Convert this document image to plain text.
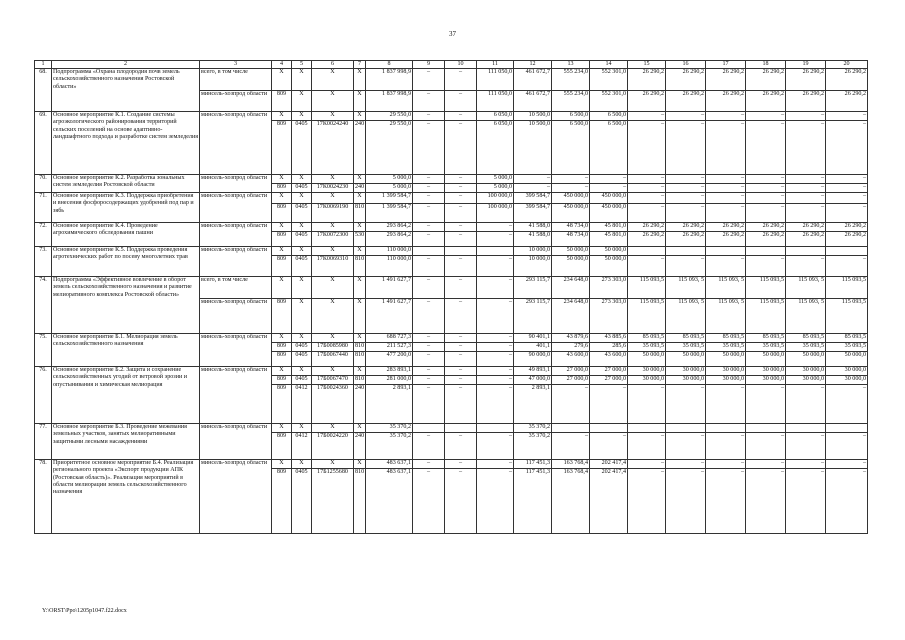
37
1	2	3	4	5	6	7	8	9	10	11	12	13	14	15	16	17	18	19	20
68.	Подпрограмма «Охрана плодородия почв земель сельскохозяйственного назначения Ростовской области»	всего, в том числе	Х	Х	Х	Х	1 837 998,9	–	–	111 050,0	461 672,7	555 234,0	552 301,0	26 290,2	26 290,2	26 290,2	26 290,2	26 290,2	26 290,2
		минсель-хозпрод области	809	Х	Х	Х	1 837 998,9	–	–	111 050,0	461 672,7	555 234,0	552 301,0	26 290,2	26 290,2	26 290,2	26 290,2	26 290,2	26 290,2
69.	Основное мероприятие К.1. Создание системы агроэкологического районирования территорий сельских поселений на основе адаптивно-ландшафтного подхода и разработке систем земледелия	минсель-хозпрод области	Х	Х	Х	Х	29 550,0	–	–	6 050,0	10 500,0	6 500,0	6 500,0	–	–	–	–	–	–
			809	0405	17К0024240	240	29 550,0	–	–	6 050,0	10 500,0	6 500,0	6 500,0	–	–	–	–	–	–
70.	Основное мероприятие К.2. Разработка зональных систем земледелия Ростовской области	минсель-хозпрод области	Х	Х	Х	Х	5 000,0	–	–	5 000,0	–	–	–	–	–	–	–	–	–
			809	0405	17К0024230	240	5 000,0	–	–	5 000,0	–	–	–	–	–	–	–	–	–
71.	Основное мероприятие К.3. Поддержка приобретения и внесения фосфоросодержащих удобрений под пар и зябь	минсель-хозпрод области	Х	Х	Х	Х	1 399 584,7	–	–	100 000,0	399 584,7	450 000,0	450 000,0	–	–	–	–	–	–
			809	0405	17К0069190	810	1 399 584,7	–	–	100 000,0	399 584,7	450 000,0	450 000,0	–	–	–	–	–	–
72.	Основное мероприятие К.4. Проведение агрохимического обследования пашни	минсель-хозпрод области	Х	Х	Х	Х	293 864,2	–	–	–	41 588,0	48 734,0	45 801,0	26 290,2	26 290,2	26 290,2	26 290,2	26 290,2	26 290,2
			809	0405	17К0072300	530	293 864,2	–	–	–	41 588,0	48 734,0	45 801,0	26 290,2	26 290,2	26 290,2	26 290,2	26 290,2	26 290,2
73.	Основное мероприятие К.5. Поддержка проведения агротехнических работ по посеву многолетних трав	минсель-хозпрод области	Х	Х	Х	Х	110 000,0				10 000,0	50 000,0	50 000,0						
			809	0405	17К0069310	810	110 000,0	–	–	–	10 000,0	50 000,0	50 000,0	–	–	–	–	–	–
74.	Подпрограмма «Эффективное вовлечение в оборот земель сельскохозяйственного назначения и развитие мелиоративного комплекса Ростовской области»	всего, в том числе	Х	Х	Х	Х	1 491 627,7	–	–	–	293 115,7	234 648,0	273 303,0	115 093,5	115 093, 5	115 093, 5	115 093,5	115 093, 5	115 093,5
		минсель-хозпрод области	809	Х	Х	Х	1 491 627,7	–	–	–	293 115,7	234 648,0	273 303,0	115 093,5	115 093, 5	115 093, 5	115 093,5	115 093, 5	115 093,5
75.	Основное мероприятие Б.1. Мелиорация земель сельскохозяйственного назначения	минсель-хозпрод области	Х	Х	Х	Х	688 727,3	–	–	–	90 401,1	43 879,6	43 885,6	85 093,5	85 093,5	85 093,5	85 093,5	85 093,5	85 093,5
			809	0405	17Б0085980	810	211 527,3	–	–	–	401,1	279,6	285,6	35 093,5	35 093,5	35 093,5	35 093,5	35 093,5	35 093,5
			809	0405	17Б0067440	810	477 200,0	–	–	–	90 000,0	43 600,0	43 600,0	50 000,0	50 000,0	50 000,0	50 000,0	50 000,0	50 000,0
76.	Основное мероприятие Б.2. Защита и сохранение сельскохозяйственных угодий от ветровой эрозии и опустынивания и химическая мелиорация	минсель-хозпрод области	Х	Х	Х	Х	283 893,1	–	–	–	49 893,1	27 000,0	27 000,0	30 000,0	30 000,0	30 000,0	30 000,0	30 000,0	30 000,0
			809	0405	17Б0067470	810	281 000,0	–	–	–	47 000,0	27 000,0	27 000,0	30 000,0	30 000,0	30 000,0	30 000,0	30 000,0	30 000,0
			809	0412	17Б0024360	240	2 893,1	–	–	–	2 893,1	–	–	–	–	–	–	–	–
77.	Основное мероприятие Б.3. Проведение межевания земельных участков, занятых мелиоративными защитными лесными насаждениями	минсель-хозпрод области	Х	Х	Х	Х	35 370,2				35 370,2								
			809	0412	17Б0024220	240	35 370,2	–	–	–	35 370,2	–	–	–	–	–	–	–	–
78.	Приоритетное основное мероприятие Б.4. Реализация регионального проекта «Экспорт продукции АПК (Ростовская область)». Реализация мероприятий в области мелиорации земель сельскохозяйственного назначения	минсель-хозпрод области	Х	Х	Х	Х	483 637,1	–	–	–	117 451,3	163 768,4	202 417,4	–	–	–	–	–	–
			809	0405	17Б1255680	810	483 637,1	–	–	–	117 451,3	163 768,4	202 417,4	–	–	–	–	–	–
Y:\ORST\Ppo\1205p1047.f22.docx
